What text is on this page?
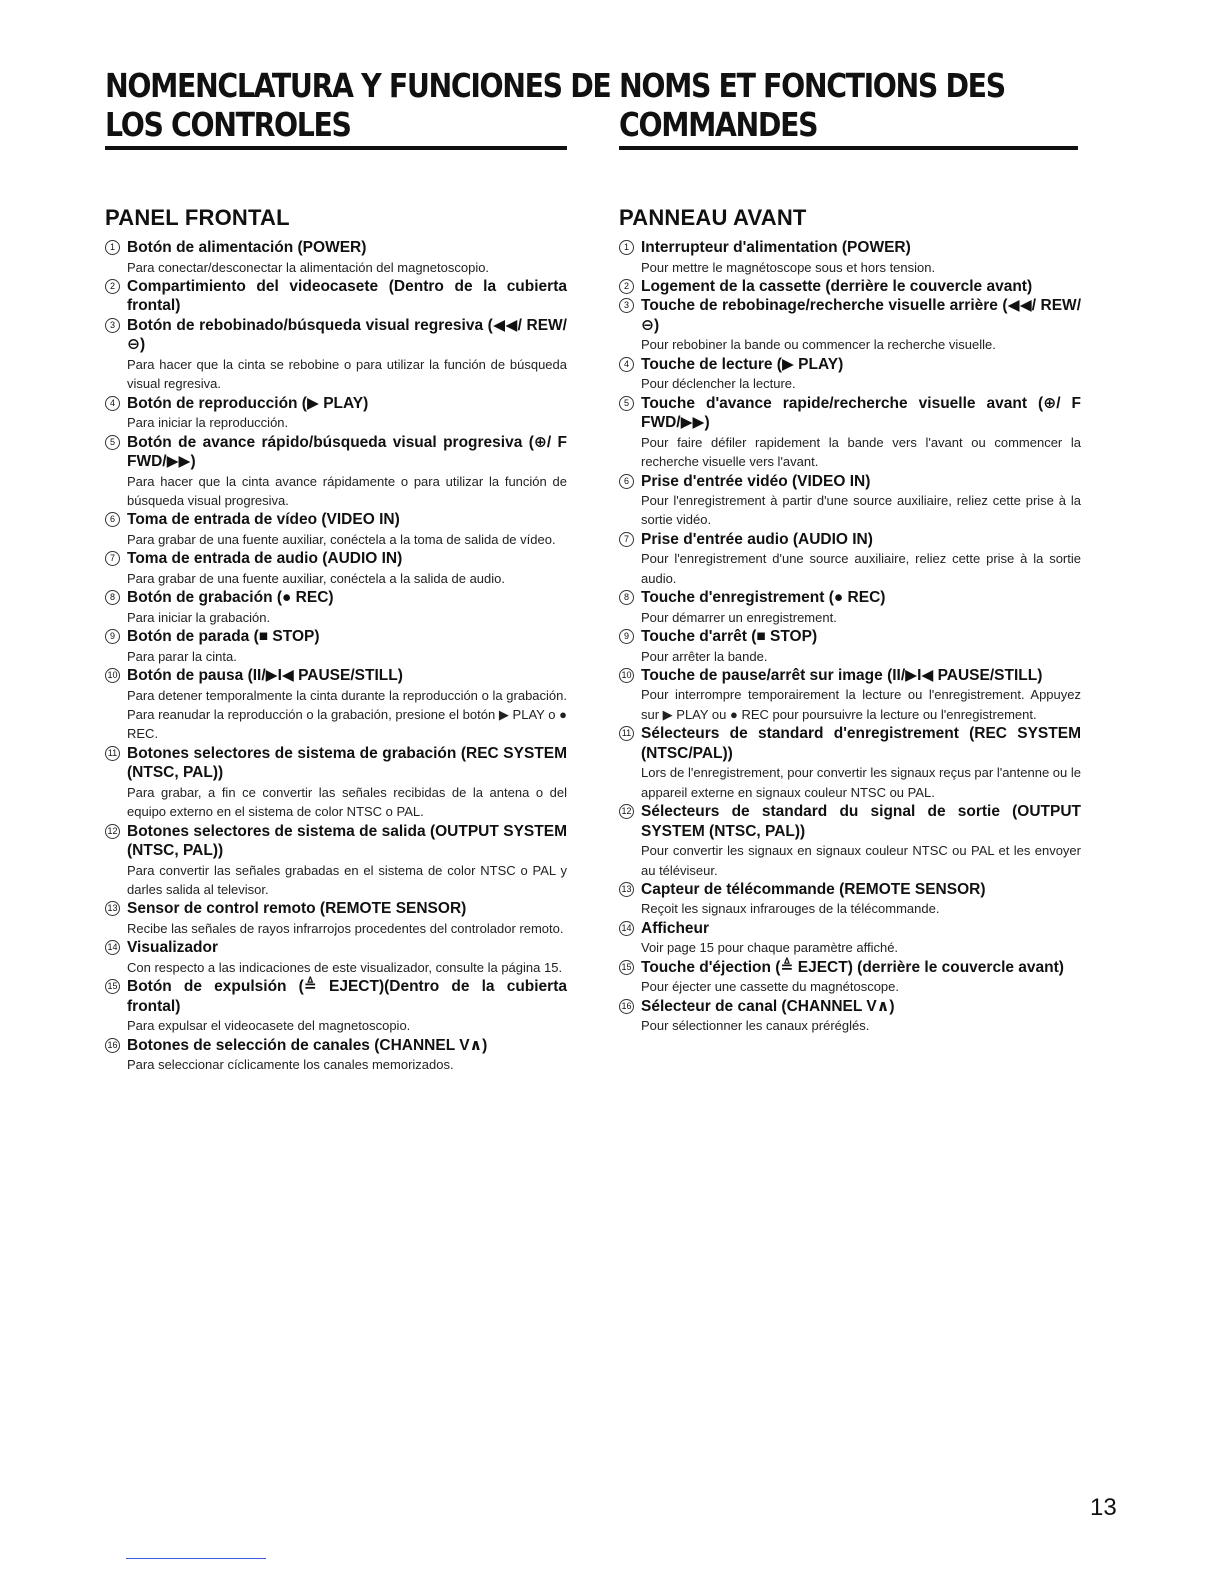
NOMENCLATURA Y FUNCIONES DE
LOS CONTROLES
PANEL FRONTAL
1 Botón de alimentación (POWER)
Para conectar/desconectar la alimentación del magnetoscopio.
2 Compartimiento del videocasete (Dentro de la cubierta frontal)
3 Botón de rebobinado/búsqueda visual regresiva (◀◀/ REW/⊖)
Para hacer que la cinta se rebobine o para utilizar la función de búsqueda visual regresiva.
4 Botón de reproducción (▶ PLAY)
Para iniciar la reproducción.
5 Botón de avance rápido/búsqueda visual progresiva (⊕/ F FWD/▶▶)
Para hacer que la cinta avance rápidamente o para utilizar la función de búsqueda visual progresiva.
6 Toma de entrada de vídeo (VIDEO IN)
Para grabar de una fuente auxiliar, conéctela a la toma de salida de vídeo.
7 Toma de entrada de audio (AUDIO IN)
Para grabar de una fuente auxiliar, conéctela a la salida de audio.
8 Botón de grabación (● REC)
Para iniciar la grabación.
9 Botón de parada (■ STOP)
Para parar la cinta.
10 Botón de pausa (II/▶I◀ PAUSE/STILL)
Para detener temporalmente la cinta durante la reproducción o la grabación. Para reanudar la reproducción o la grabación, presione el botón ▶ PLAY o ● REC.
11 Botones selectores de sistema de grabación (REC SYSTEM (NTSC, PAL))
Para grabar, a fin ce convertir las señales recibidas de la antena o del equipo externo en el sistema de color NTSC o PAL.
12 Botones selectores de sistema de salida (OUTPUT SYSTEM (NTSC, PAL))
Para convertir las señales grabadas en el sistema de color NTSC o PAL y darles salida al televisor.
13 Sensor de control remoto (REMOTE SENSOR)
Recibe las señales de rayos infrarrojos procedentes del controlador remoto.
14 Visualizador
Con respecto a las indicaciones de este visualizador, consulte la página 15.
15 Botón de expulsión (≜ EJECT)(Dentro de la cubierta frontal)
Para expulsar el videocasete del magnetoscopio.
16 Botones de selección de canales (CHANNEL V∧)
Para seleccionar cíclicamente los canales memorizados.
NOMS ET FONCTIONS DES
COMMANDES
PANNEAU AVANT
1 Interrupteur d'alimentation (POWER)
Pour mettre le magnétoscope sous et hors tension.
2 Logement de la cassette (derrière le couvercle avant)
3 Touche de rebobinage/recherche visuelle arrière (◀◀/ REW/⊖)
Pour rebobiner la bande ou commencer la recherche visuelle.
4 Touche de lecture (▶ PLAY)
Pour déclencher la lecture.
5 Touche d'avance rapide/recherche visuelle avant (⊕/ F FWD/▶▶)
Pour faire défiler rapidement la bande vers l'avant ou commencer la recherche visuelle vers l'avant.
6 Prise d'entrée vidéo (VIDEO IN)
Pour l'enregistrement à partir d'une source auxiliaire, reliez cette prise à la sortie vidéo.
7 Prise d'entrée audio (AUDIO IN)
Pour l'enregistrement d'une source auxiliaire, reliez cette prise à la sortie audio.
8 Touche d'enregistrement (● REC)
Pour démarrer un enregistrement.
9 Touche d'arrêt (■ STOP)
Pour arrêter la bande.
10 Touche de pause/arrêt sur image (II/▶I◀ PAUSE/STILL)
Pour interrompre temporairement la lecture ou l'enregistrement. Appuyez sur ▶ PLAY ou ● REC pour poursuivre la lecture ou l'enregistrement.
11 Sélecteurs de standard d'enregistrement (REC SYSTEM (NTSC/PAL))
Lors de l'enregistrement, pour convertir les signaux reçus par l'antenne ou le appareil externe en signaux couleur NTSC ou PAL.
12 Sélecteurs de standard du signal de sortie (OUTPUT SYSTEM (NTSC, PAL))
Pour convertir les signaux en signaux couleur NTSC ou PAL et les envoyer au téléviseur.
13 Capteur de télécommande (REMOTE SENSOR)
Reçoit les signaux infrarouges de la télécommande.
14 Afficheur
Voir page 15 pour chaque paramètre affiché.
15 Touche d'éjection (≜ EJECT) (derrière le couvercle avant)
Pour éjecter une cassette du magnétoscope.
16 Sélecteur de canal (CHANNEL V∧)
Pour sélectionner les canaux préréglés.
13
